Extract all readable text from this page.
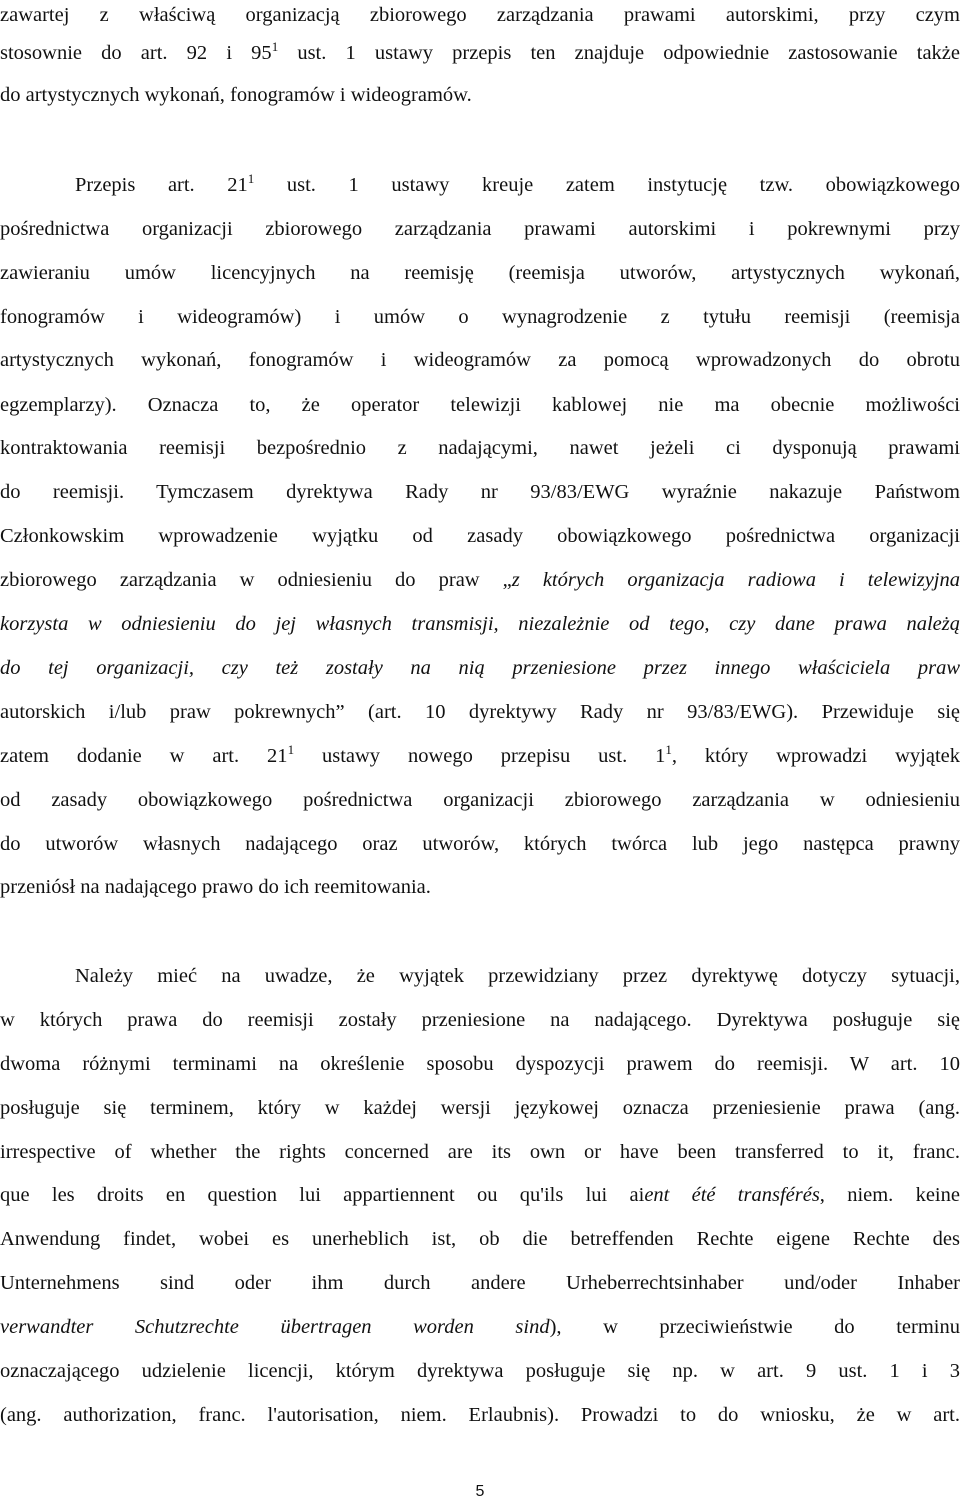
zawartej z właściwą organizacją zbiorowego zarządzania prawami autorskimi, przy czym
stosownie do art. 92 i $95^1$ ust. 1 ustawy przepis ten znajduje odpowiednie zastosowanie także
do artystycznych wykonań, fonogramów i wideogramów.
Przepis art. $21^1$ ust. 1 ustawy kreuje zatem instytucję tzw. obowiązkowego
pośrednictwa organizacji zbiorowego zarządzania prawami autorskimi i pokrewnymi przy
zawieraniu umów licencyjnych na reemisję (reemisja utworów, artystycznych wykonań,
fonogramów i wideogramów) i umów o wynagrodzenie z tytułu reemisji (reemisja
artystycznych wykonań, fonogramów i wideogramów za pomocą wprowadzonych do obrotu
egzemplarzy). Oznacza to, że operator telewizji kablowej nie ma obecnie możliwości
kontraktowania reemisji bezpośrednio z nadającymi, nawet jeżeli ci dysponują prawami
do reemisji. Tymczasem dyrektywa Rady nr 93/83/EWG wyraźnie nakazuje Państwom
Członkowskim wprowadzenie wyjątku od zasady obowiązkowego pośrednictwa organizacji
zbiorowego zarządzania w odniesieniu do praw „z których organizacja radiowa i telewizyjna
korzysta w odniesieniu do jej własnych transmisji, niezależnie od tego, czy dane prawa należą
do tej organizacji, czy też zostały na nią przeniesione przez innego właściciela praw
autorskich i/lub praw pokrewnych” (art. 10 dyrektywy Rady nr 93/83/EWG). Przewiduje się
zatem dodanie w art. $21^1$ ustawy nowego przepisu ust. $1^1$, który wprowadzi wyjątek
od zasady obowiązkowego pośrednictwa organizacji zbiorowego zarządzania w odniesieniu
do utworów własnych nadającego oraz utworów, których twórca lub jego następca prawny
przeniósł na nadającego prawo do ich reemitowania.
Należy mieć na uwadze, że wyjątek przewidziany przez dyrektywę dotyczy sytuacji,
w których prawa do reemisji zostały przeniesione na nadającego. Dyrektywa posługuje się
dwoma różnymi terminami na określenie sposobu dyspozycji prawem do reemisji. W art. 10
posługuje się terminem, który w każdej wersji językowej oznacza przeniesienie prawa (ang.
irrespective of whether the rights concerned are its own or have been transferred to it, franc.
que les droits en question lui appartiennent ou qu'ils lui aient été transférés, niem. keine
Anwendung findet, wobei es unerheblich ist, ob die betreffenden Rechte eigene Rechte des
Unternehmens sind oder ihm durch andere Urheberrechtsinhaber und/oder Inhaber
verwandter Schutzrechte übertragen worden sind), w przeciwieństwie do terminu
oznaczającego udzielenie licencji, którym dyrektywa posługuje się np. w art. 9 ust. 1 i 3
(ang. authorization, franc. l'autorisation, niem. Erlaubnis). Prowadzi to do wniosku, że w art.
5
